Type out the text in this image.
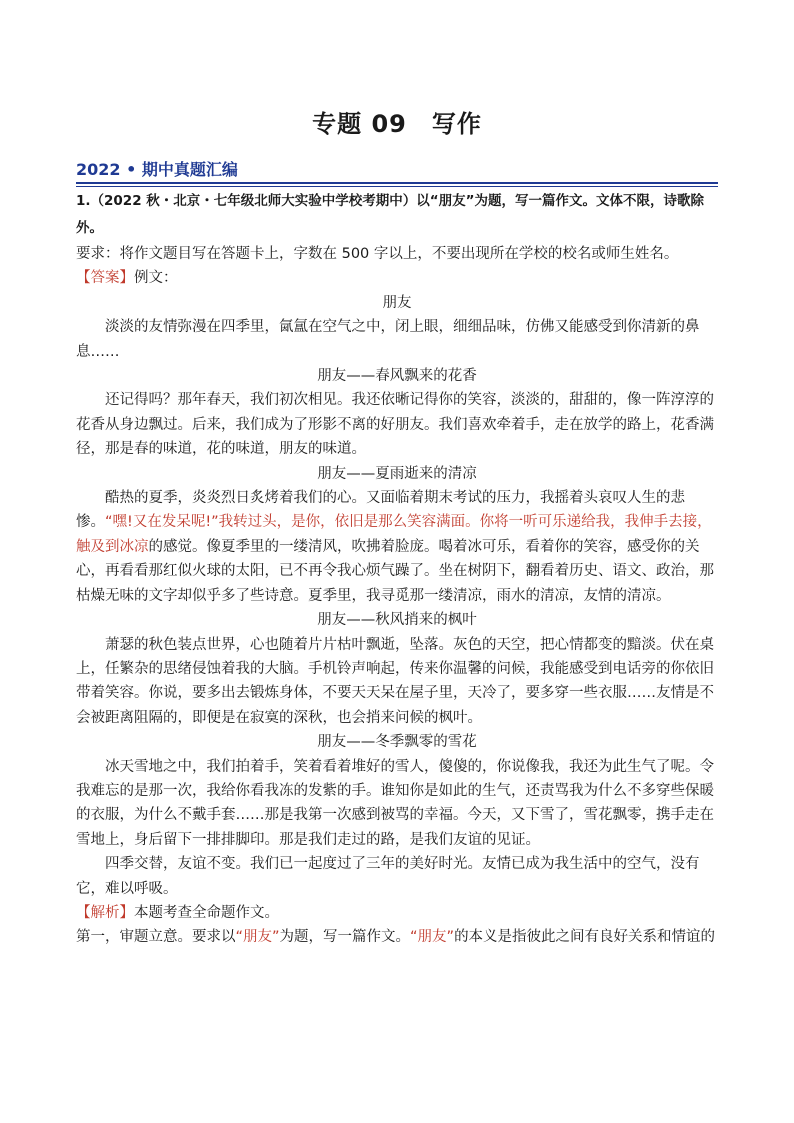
专题 09　写作
2022 • 期中真题汇编

1.（2022 秋・北京・七年级北师大实验中学校考期中）以“朋友”为题，写一篇作文。文体不限，诗歌除外。

要求：将作文题目写在答题卡上，字数在 500 字以上，不要出现所在学校的校名或师生姓名。

【答案】例文：

朋友

淡淡的友情弥漫在四季里，氤氲在空气之中，闭上眼，细细品味，仿佛又能感受到你清新的鼻息……

朋友——春风飘来的花香

还记得吗？那年春天，我们初次相见。我还依晰记得你的笑容，淡淡的，甜甜的，像一阵淳淳的花香从身边飘过。后来，我们成为了形影不离的好朋友。我们喜欢牵着手，走在放学的路上，花香满径，那是春的味道，花的味道，朋友的味道。

朋友——夏雨逝来的清凉

酷热的夏季，炎炎烈日炙烤着我们的心。又面临着期末考试的压力，我摇着头哀叹人生的悲惨。“嘿!又在发呆呢!”我转过头，是你，依旧是那么笑容满面。你将一听可乐递给我，我伸手去接，触及到冰凉的感觉。像夏季里的一缕清风，吹拂着脸庞。喝着冰可乐，看着你的笑容，感受你的关心，再看看那红似火球的太阳，已不再令我心烦气躁了。坐在树阴下，翻看着历史、语文、政治，那枯燥无味的文字却似乎多了些诗意。夏季里，我寻觅那一缕清凉，雨水的清凉，友情的清凉。

朋友——秋风捎来的枫叶

萧瑟的秋色装点世界，心也随着片片枯叶飘逝，坠落。灰色的天空，把心情都变的黯淡。伏在桌上，任繁杂的思绪侵蚀着我的大脑。手机铃声响起，传来你温馨的问候，我能感受到电话旁的你依旧带着笑容。你说，要多出去锻炼身体，不要天天呆在屋子里，天冷了，要多穿一些衣服……友情是不会被距离阻隔的，即便是在寂寞的深秋，也会捎来问候的枫叶。

朋友——冬季飘零的雪花

冰天雪地之中，我们拍着手，笑着看着堆好的雪人，傻傻的，你说像我，我还为此生气了呢。令我难忘的是那一次，我给你看我冻的发紫的手。谁知你是如此的生气，还责骂我为什么不多穿些保暖的衣服，为什么不戴手套……那是我第一次感到被骂的幸福。今天，又下雪了，雪花飘零，携手走在雪地上，身后留下一排排脚印。那是我们走过的路，是我们友谊的见证。

四季交替，友谊不变。我们已一起度过了三年的美好时光。友情已成为我生活中的空气，没有它，难以呼吸。

【解析】本题考查全命题作文。

第一，审题立意。要求以“朋友”为题，写一篇作文。“朋友”的本义是指彼此之间有良好关系和情谊的
